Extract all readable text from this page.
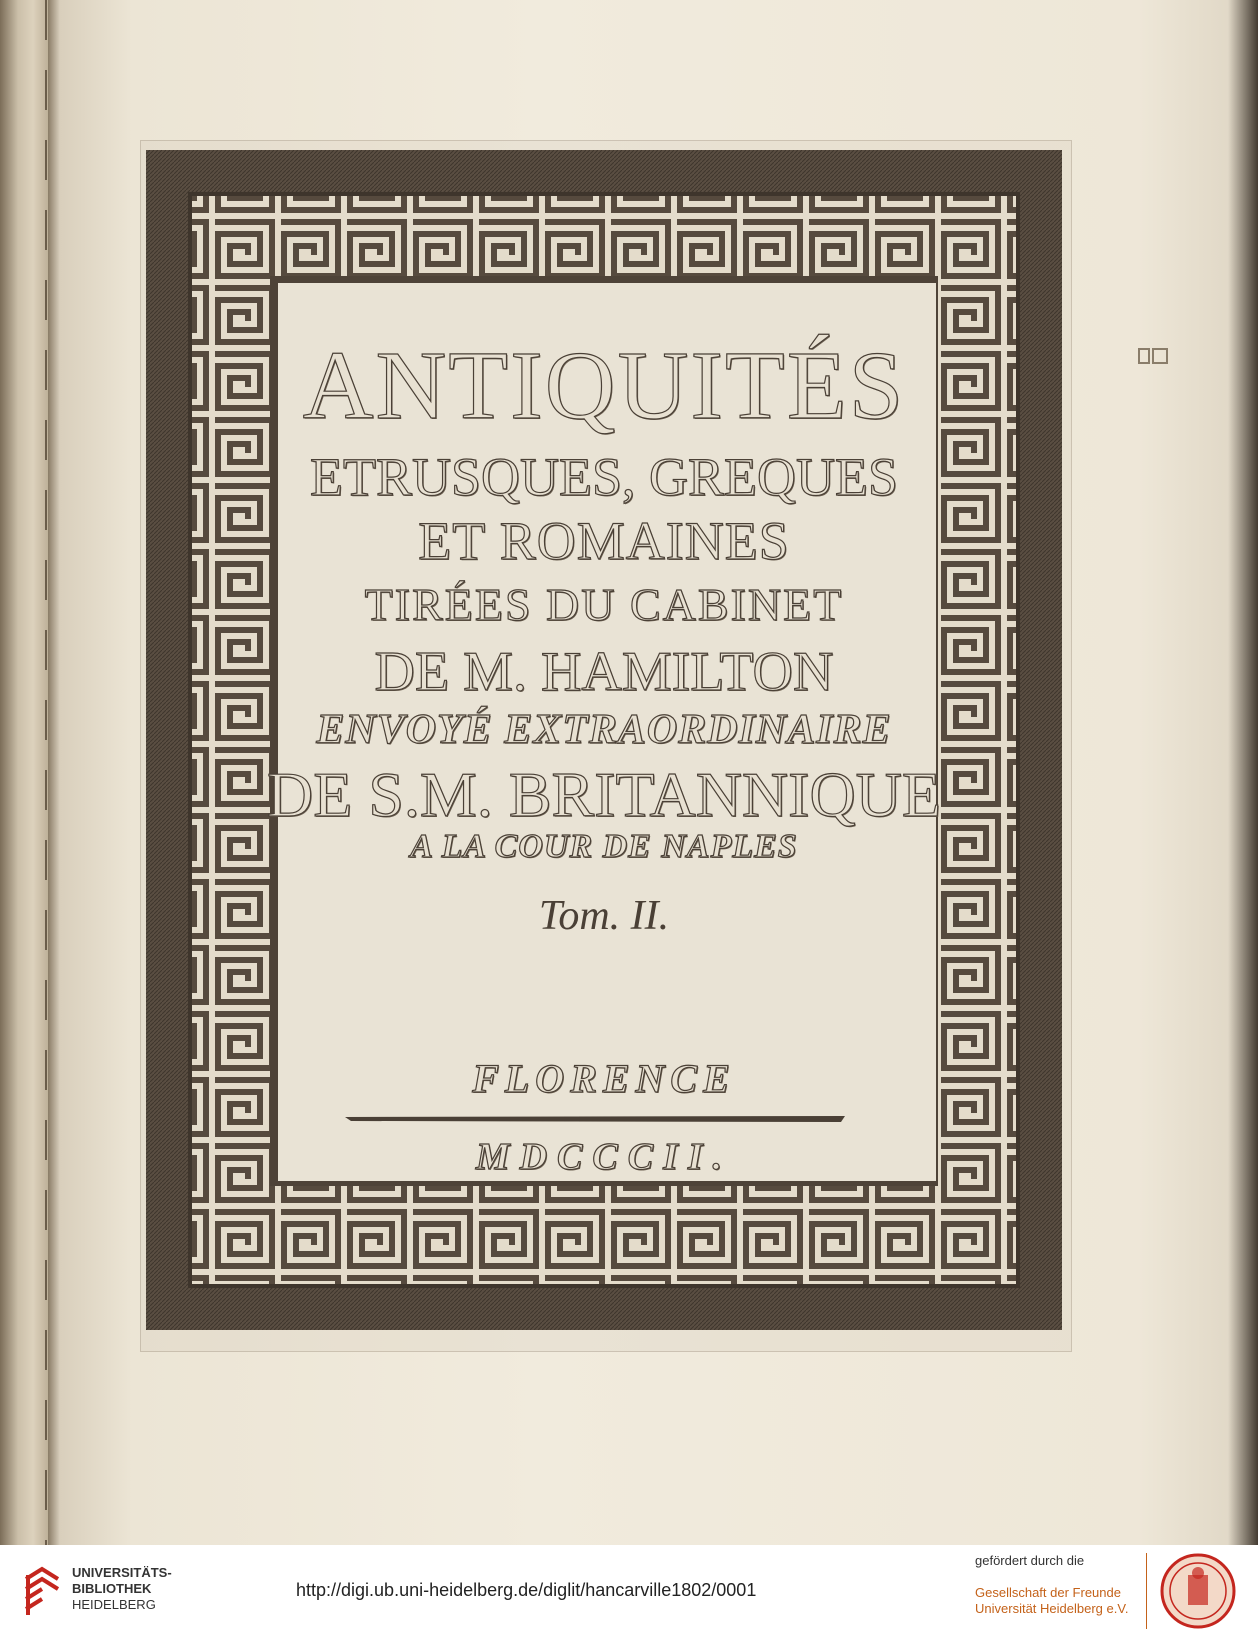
ANTIQUITÉS
ETRUSQUES, GREQUES
ET ROMAINES
TIRÉES DU CABINET
DE M. HAMILTON
ENVOYÉ EXTRAORDINAIRE
DE S.M. BRITANNIQUE
A LA COUR DE NAPLES
Tom. II.
FLORENCE
MDCCCII.
UNIVERSITÄTS-
BIBLIOTHEK
HEIDELBERG
http://digi.ub.uni-heidelberg.de/diglit/hancarville1802/0001
gefördert durch die
Gesellschaft der Freunde
Universität Heidelberg e.V.
